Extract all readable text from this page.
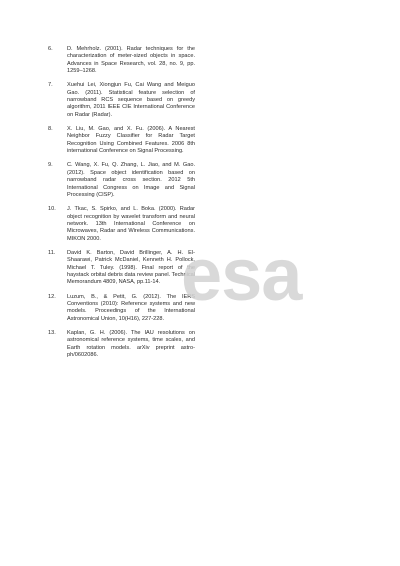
6.	D. Mehrholz. (2001). Radar techniques for the characterization of meter-sized objects in space. Advances in Space Research, vol. 28, no. 9, pp. 1259–1268.
7.	Xuehui Lei, Xiongjun Fu, Cai Wang and Meiguo Gao. (2011). Statistical feature selection of narrowband RCS sequence based on greedy algorithm, 2011 IEEE CIE International Conference on Radar (Radar).
8.	X. Liu, M. Gao, and X. Fu. (2006). A Nearest Neighbor Fuzzy Classifier for Radar Target Recognition Using Combined Features. 2006 8th international Conference on Signal Processing.
9.	C. Wang, X. Fu, Q. Zhang, L. Jiao, and M. Gao. (2012). Space object identification based on narrowband radar cross section. 2012 5th International Congress on Image and Signal Processing (CISP).
10.	J. Tkac, S. Spirko, and L. Boka. (2000). Radar object recognition by wavelet transform and neural network. 13th International Conference on Microwaves, Radar and Wireless Communications. MIKON 2000.
11.	David K. Barton, David Brillinger, A. H. El-Shaarawi, Patrick McDaniel, Kenneth H. Pollock, Michael T. Tuley. (1998). Final report of the haystack orbital debris data review panel. Technical Memorandum 4809, NASA, pp.11-14.
12.	Luzum, B., & Petit, G. (2012). The IERS Conventions (2010): Reference systems and new models. Proceedings of the International Astronomical Union, 10(H16), 227-228.
13.	Kaplan, G. H. (2006). The IAU resolutions on astronomical reference systems, time scales, and Earth rotation models. arXiv preprint astro-ph/0602086.
esa
